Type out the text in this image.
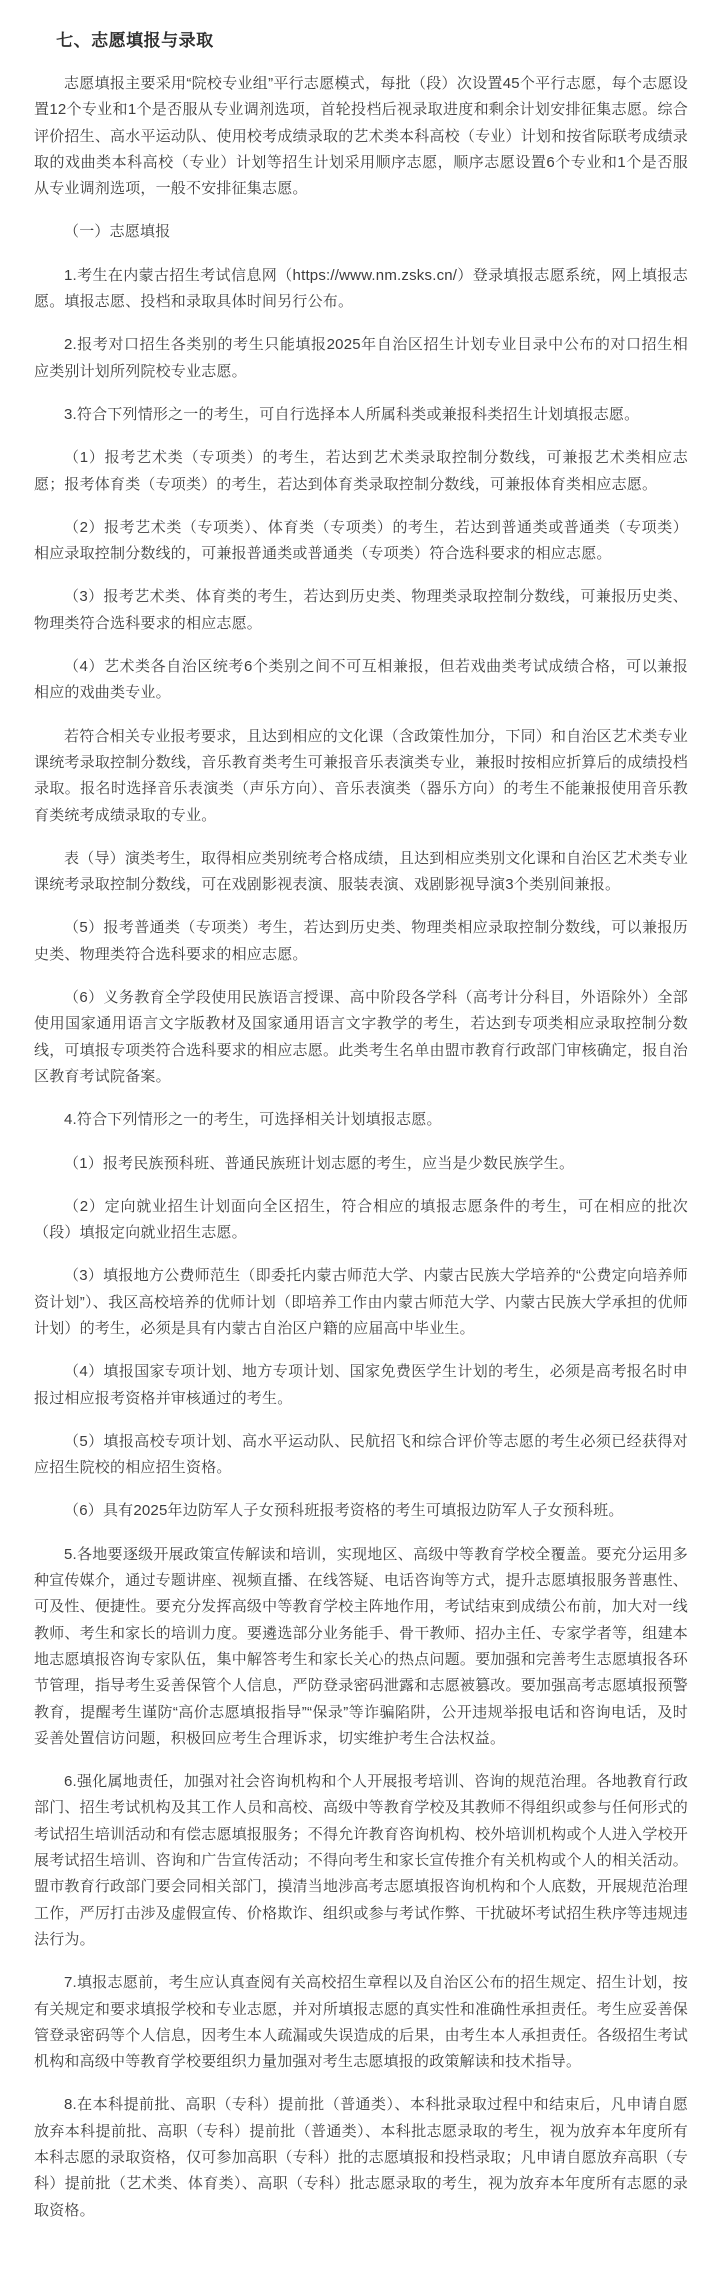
七、志愿填报与录取

志愿填报主要采用“院校专业组”平行志愿模式，每批（段）次设置45个平行志愿，每个志愿设置12个专业和1个是否服从专业调剂选项，首轮投档后视录取进度和剩余计划安排征集志愿。综合评价招生、高水平运动队、使用校考成绩录取的艺术类本科高校（专业）计划和按省际联考成绩录取的戏曲类本科高校（专业）计划等招生计划采用顺序志愿，顺序志愿设置6个专业和1个是否服从专业调剂选项，一般不安排征集志愿。

（一）志愿填报

1.考生在内蒙古招生考试信息网（https://www.nm.zsks.cn/）登录填报志愿系统，网上填报志愿。填报志愿、投档和录取具体时间另行公布。

2.报考对口招生各类别的考生只能填报2025年自治区招生计划专业目录中公布的对口招生相应类别计划所列院校专业志愿。

3.符合下列情形之一的考生，可自行选择本人所属科类或兼报科类招生计划填报志愿。

（1）报考艺术类（专项类）的考生，若达到艺术类录取控制分数线，可兼报艺术类相应志愿；报考体育类（专项类）的考生，若达到体育类录取控制分数线，可兼报体育类相应志愿。

（2）报考艺术类（专项类）、体育类（专项类）的考生，若达到普通类或普通类（专项类）相应录取控制分数线的，可兼报普通类或普通类（专项类）符合选科要求的相应志愿。

（3）报考艺术类、体育类的考生，若达到历史类、物理类录取控制分数线，可兼报历史类、物理类符合选科要求的相应志愿。

（4）艺术类各自治区统考6个类别之间不可互相兼报，但若戏曲类考试成绩合格，可以兼报相应的戏曲类专业。

若符合相关专业报考要求，且达到相应的文化课（含政策性加分，下同）和自治区艺术类专业课统考录取控制分数线，音乐教育类考生可兼报音乐表演类专业，兼报时按相应折算后的成绩投档录取。报名时选择音乐表演类（声乐方向）、音乐表演类（器乐方向）的考生不能兼报使用音乐教育类统考成绩录取的专业。

表（导）演类考生，取得相应类别统考合格成绩，且达到相应类别文化课和自治区艺术类专业课统考录取控制分数线，可在戏剧影视表演、服装表演、戏剧影视导演3个类别间兼报。

（5）报考普通类（专项类）考生，若达到历史类、物理类相应录取控制分数线，可以兼报历史类、物理类符合选科要求的相应志愿。

（6）义务教育全学段使用民族语言授课、高中阶段各学科（高考计分科目，外语除外）全部使用国家通用语言文字版教材及国家通用语言文字教学的考生，若达到专项类相应录取控制分数线，可填报专项类符合选科要求的相应志愿。此类考生名单由盟市教育行政部门审核确定，报自治区教育考试院备案。

4.符合下列情形之一的考生，可选择相关计划填报志愿。

（1）报考民族预科班、普通民族班计划志愿的考生，应当是少数民族学生。

（2）定向就业招生计划面向全区招生，符合相应的填报志愿条件的考生，可在相应的批次（段）填报定向就业招生志愿。

（3）填报地方公费师范生（即委托内蒙古师范大学、内蒙古民族大学培养的“公费定向培养师资计划”）、我区高校培养的优师计划（即培养工作由内蒙古师范大学、内蒙古民族大学承担的优师计划）的考生，必须是具有内蒙古自治区户籍的应届高中毕业生。

（4）填报国家专项计划、地方专项计划、国家免费医学生计划的考生，必须是高考报名时申报过相应报考资格并审核通过的考生。

（5）填报高校专项计划、高水平运动队、民航招飞和综合评价等志愿的考生必须已经获得对应招生院校的相应招生资格。

（6）具有2025年边防军人子女预科班报考资格的考生可填报边防军人子女预科班。

5.各地要逐级开展政策宣传解读和培训，实现地区、高级中等教育学校全覆盖。要充分运用多种宣传媒介，通过专题讲座、视频直播、在线答疑、电话咨询等方式，提升志愿填报服务普惠性、可及性、便捷性。要充分发挥高级中等教育学校主阵地作用，考试结束到成绩公布前，加大对一线教师、考生和家长的培训力度。要遴选部分业务能手、骨干教师、招办主任、专家学者等，组建本地志愿填报咨询专家队伍，集中解答考生和家长关心的热点问题。要加强和完善考生志愿填报各环节管理，指导考生妥善保管个人信息，严防登录密码泄露和志愿被篡改。要加强高考志愿填报预警教育，提醒考生谨防“高价志愿填报指导”“保录”等诈骗陷阱，公开违规举报电话和咨询电话，及时妥善处置信访问题，积极回应考生合理诉求，切实维护考生合法权益。

6.强化属地责任，加强对社会咨询机构和个人开展报考培训、咨询的规范治理。各地教育行政部门、招生考试机构及其工作人员和高校、高级中等教育学校及其教师不得组织或参与任何形式的考试招生培训活动和有偿志愿填报服务；不得允许教育咨询机构、校外培训机构或个人进入学校开展考试招生培训、咨询和广告宣传活动；不得向考生和家长宣传推介有关机构或个人的相关活动。盟市教育行政部门要会同相关部门，摸清当地涉高考志愿填报咨询机构和个人底数，开展规范治理工作，严厉打击涉及虚假宣传、价格欺诈、组织或参与考试作弊、干扰破坏考试招生秩序等违规违法行为。

7.填报志愿前，考生应认真查阅有关高校招生章程以及自治区公布的招生规定、招生计划，按有关规定和要求填报学校和专业志愿，并对所填报志愿的真实性和准确性承担责任。考生应妥善保管登录密码等个人信息，因考生本人疏漏或失误造成的后果，由考生本人承担责任。各级招生考试机构和高级中等教育学校要组织力量加强对考生志愿填报的政策解读和技术指导。

8.在本科提前批、高职（专科）提前批（普通类）、本科批录取过程中和结束后，凡申请自愿放弃本科提前批、高职（专科）提前批（普通类）、本科批志愿录取的考生，视为放弃本年度所有本科志愿的录取资格，仅可参加高职（专科）批的志愿填报和投档录取；凡申请自愿放弃高职（专科）提前批（艺术类、体育类）、高职（专科）批志愿录取的考生，视为放弃本年度所有志愿的录取资格。
